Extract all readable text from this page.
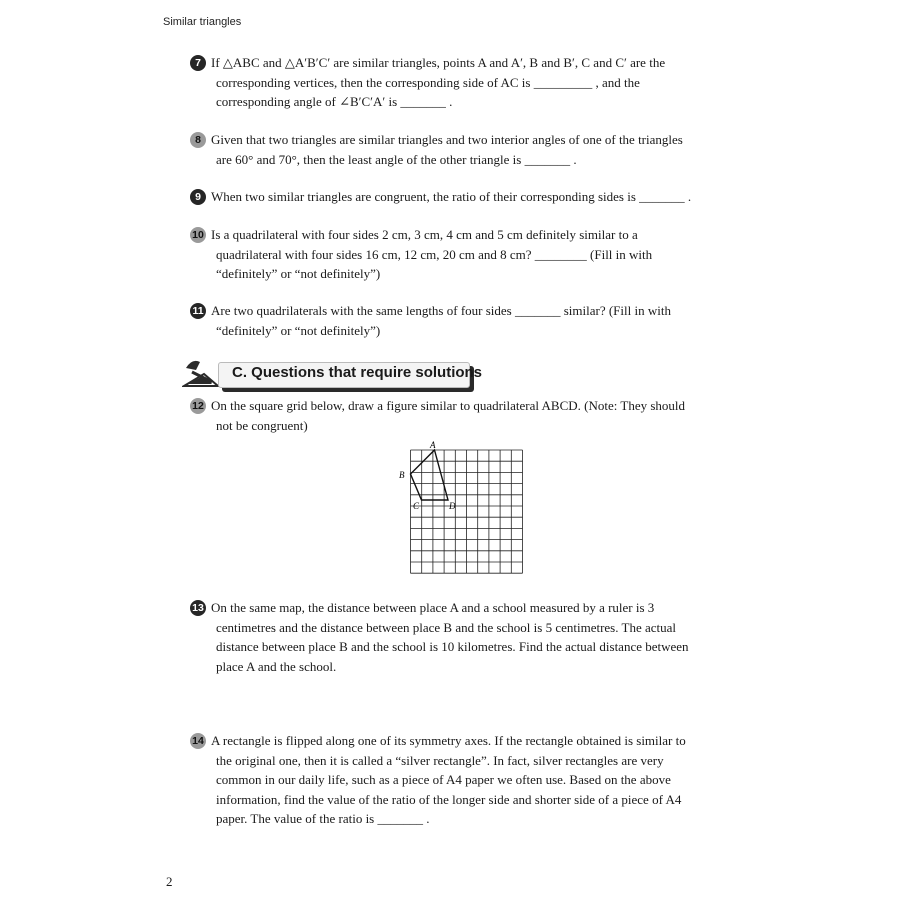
Similar triangles
7 If △ABC and △A′B′C′ are similar triangles, points A and A′, B and B′, C and C′ are the
corresponding vertices, then the corresponding side of AC is _________ , and the
corresponding angle of ∠B′C′A′ is _______ .
8 Given that two triangles are similar triangles and two interior angles of one of the triangles
are 60° and 70°, then the least angle of the other triangle is _______ .
9 When two similar triangles are congruent, the ratio of their corresponding sides is _______ .
10 Is a quadrilateral with four sides 2 cm, 3 cm, 4 cm and 5 cm definitely similar to a
quadrilateral with four sides 16 cm, 12 cm, 20 cm and 8 cm? ________ (Fill in with
“definitely” or “not definitely”)
11 Are two quadrilaterals with the same lengths of four sides _______ similar? (Fill in with
“definitely” or “not definitely”)
C. Questions that require solutions
12 On the square grid below, draw a figure similar to quadrilateral ABCD. (Note: They should
not be congruent)
A
B
C	D
13 On the same map, the distance between place A and a school measured by a ruler is 3
centimetres and the distance between place B and the school is 5 centimetres. The actual
distance between place B and the school is 10 kilometres. Find the actual distance between
place A and the school.
14 A rectangle is flipped along one of its symmetry axes. If the rectangle obtained is similar to
the original one, then it is called a “silver rectangle”. In fact, silver rectangles are very
common in our daily life, such as a piece of A4 paper we often use. Based on the above
information, find the value of the ratio of the longer side and shorter side of a piece of A4
paper. The value of the ratio is _______ .
2
